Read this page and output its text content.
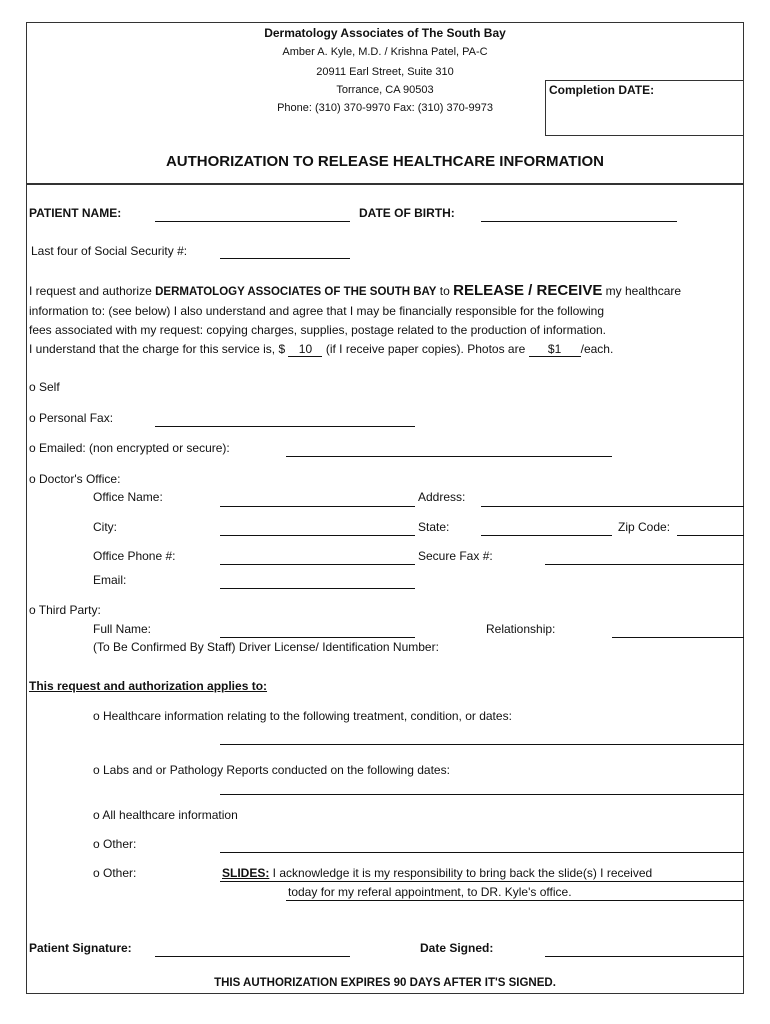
Dermatology Associates of The South Bay
Amber A. Kyle, M.D. / Krishna Patel, PA-C
20911 Earl Street, Suite 310
Torrance, CA 90503
Phone: (310) 370-9970 Fax: (310) 370-9973
Completion DATE:
AUTHORIZATION TO RELEASE HEALTHCARE INFORMATION
PATIENT NAME:	DATE OF BIRTH:
Last four of Social Security #:
I request and authorize DERMATOLOGY ASSOCIATES OF THE SOUTH BAY to RELEASE / RECEIVE my healthcare
information to: (see below) I also understand and agree that I may be financially responsible for the following
fees associated with my request: copying charges, supplies, postage related to the production of information.
I understand that the charge for this service is, $ 10 (if I receive paper copies). Photos are $1 /each.
o Self
o Personal Fax:
o Emailed: (non encrypted or secure):
o Doctor's Office:
Office Name:	Address:
City:	State:	Zip Code:
Office Phone #:	Secure Fax #:
Email:
o Third Party:
Full Name:	Relationship:
(To Be Confirmed By Staff) Driver License/ Identification Number:
This request and authorization applies to:
o Healthcare information relating to the following treatment, condition, or dates:
o Labs and or Pathology Reports conducted on the following dates:
o All healthcare information
o Other:
o Other:	SLIDES: I acknowledge it is my responsibility to bring back the slide(s) I received
today for my referal appointment, to DR. Kyle's office.
Patient Signature:	Date Signed:
THIS AUTHORIZATION EXPIRES 90 DAYS AFTER IT'S SIGNED.
